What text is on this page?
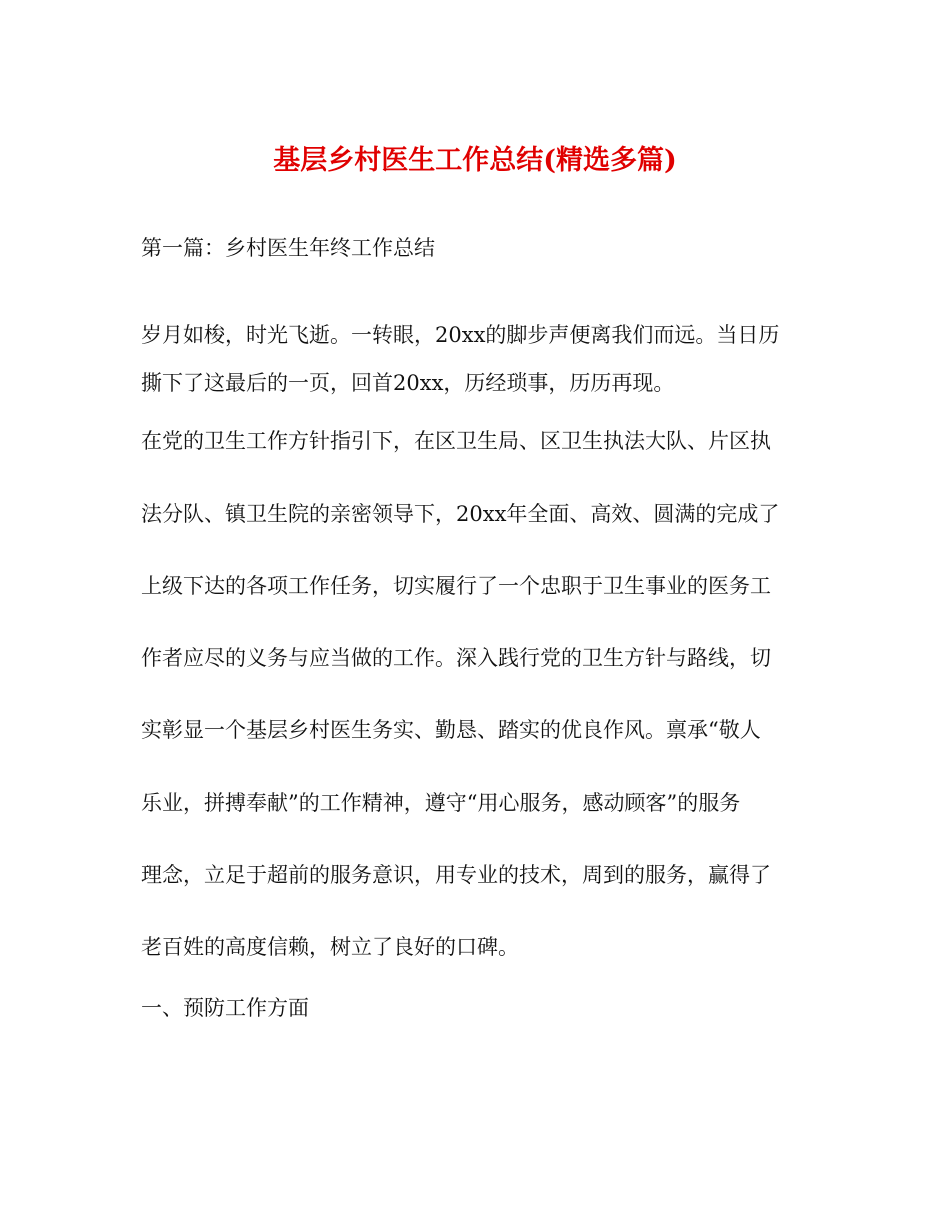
基层乡村医生工作总结(精选多篇)

第一篇：乡村医生年终工作总结

岁月如梭，时光飞逝。一转眼，20xx的脚步声便离我们而远。当日历

撕下了这最后的一页，回首20xx，历经琐事，历历再现。

在党的卫生工作方针指引下，在区卫生局、区卫生执法大队、片区执

法分队、镇卫生院的亲密领导下，20xx年全面、高效、圆满的完成了

上级下达的各项工作任务，切实履行了一个忠职于卫生事业的医务工

作者应尽的义务与应当做的工作。深入践行党的卫生方针与路线，切

实彰显一个基层乡村医生务实、勤恳、踏实的优良作风。禀承“敬人

乐业，拼搏奉献”的工作精神，遵守“用心服务，感动顾客”的服务

理念，立足于超前的服务意识，用专业的技术，周到的服务，赢得了

老百姓的高度信赖，树立了良好的口碑。

一、预防工作方面
